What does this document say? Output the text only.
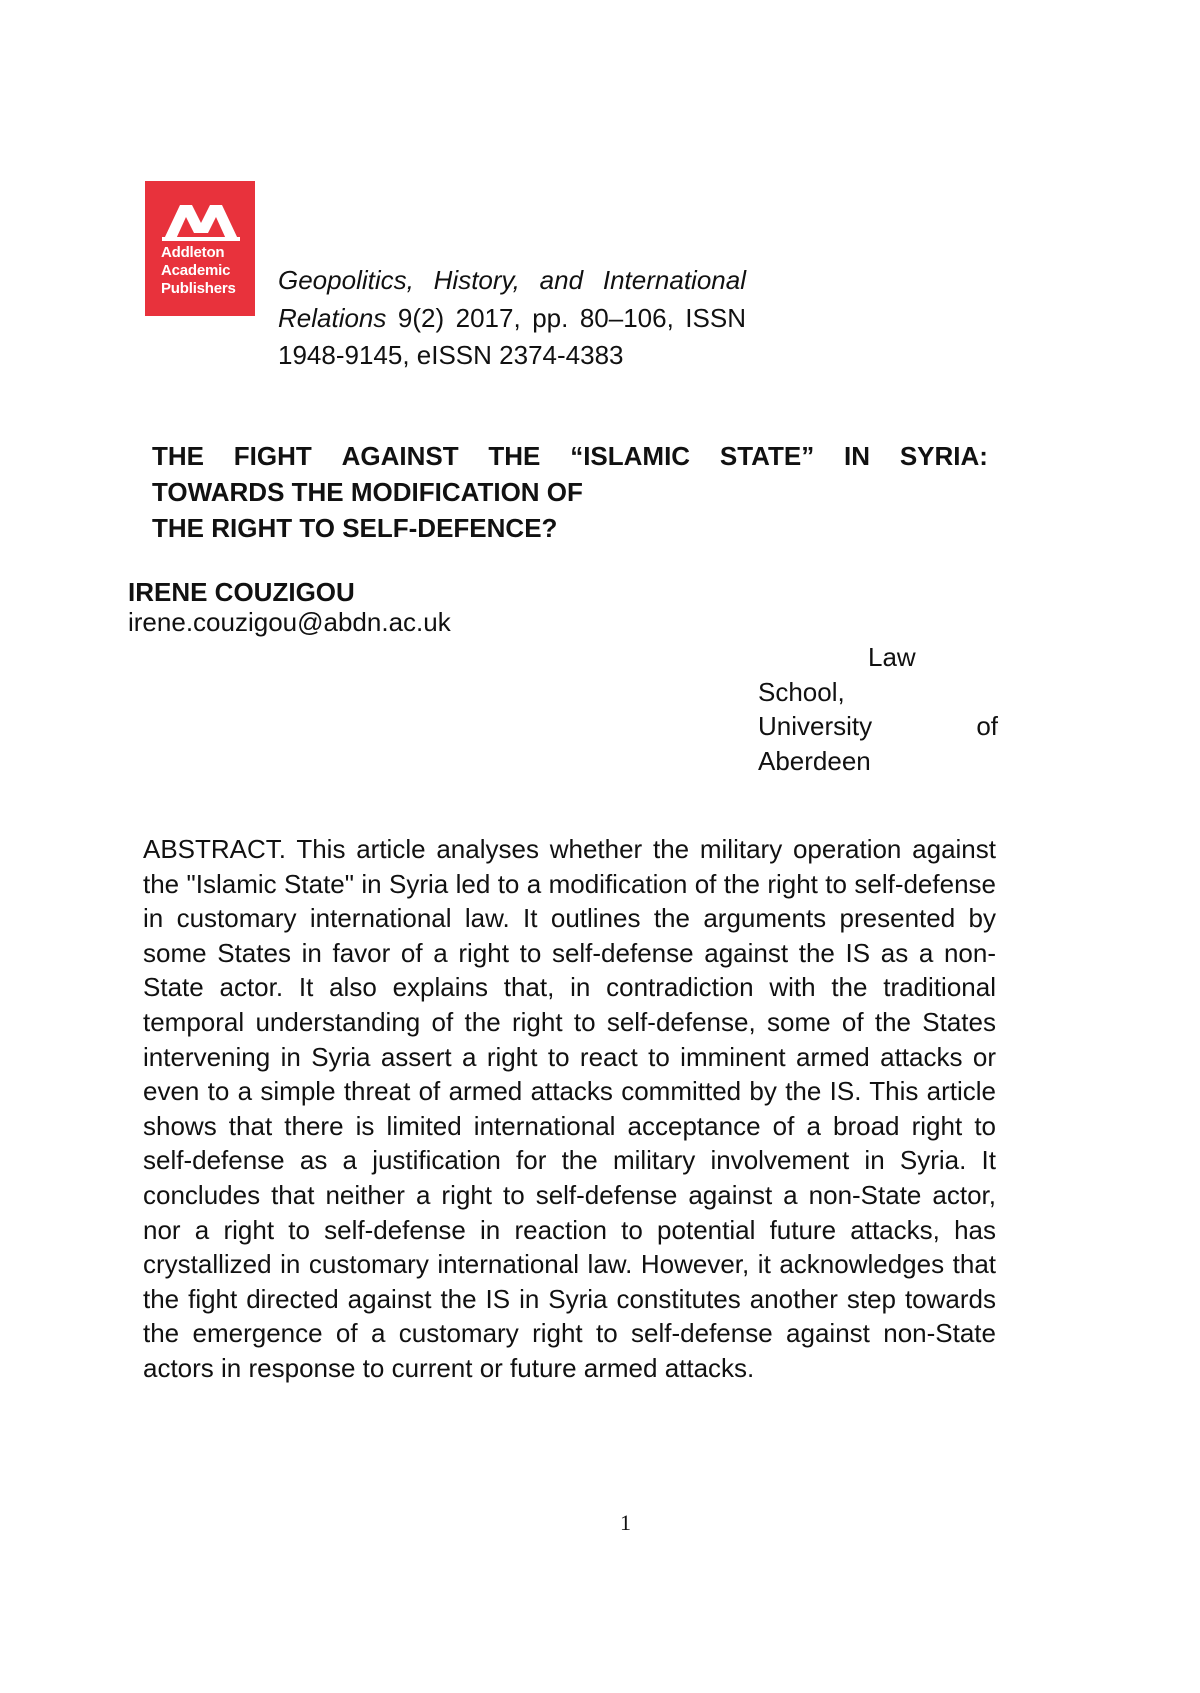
Addleton
Academic
Publishers Geopolitics, History, and International
Relations 9(2) 2017, pp. 80–106, ISSN
1948-9145, eISSN 2374-4383
THE FIGHT AGAINST THE “ISLAMIC STATE” IN SYRIA:
TOWARDS THE MODIFICATION OF
THE RIGHT TO SELF-DEFENCE?
IRENE COUZIGOU
irene.couzigou@abdn.ac.uk
Law
School,
University	of
Aberdeen
ABSTRACT. This article analyses whether the military operation against the "Islamic State" in Syria led to a modification of the right to self-defense in customary international law. It outlines the arguments presented by some States in favor of a right to self-defense against the IS as a non-State actor. It also explains that, in contradiction with the traditional temporal understanding of the right to self-defense, some of the States intervening in Syria assert a right to react to imminent armed attacks or even to a simple threat of armed attacks committed by the IS. This article shows that there is limited international acceptance of a broad right to self-defense as a justification for the military involvement in Syria. It concludes that neither a right to self-defense against a non-State actor, nor a right to self-defense in reaction to potential future attacks, has crystallized in customary international law. However, it acknowledges that the fight directed against the IS in Syria constitutes another step towards the emergence of a customary right to self-defense against non-State actors in response to current or future armed attacks.
1
